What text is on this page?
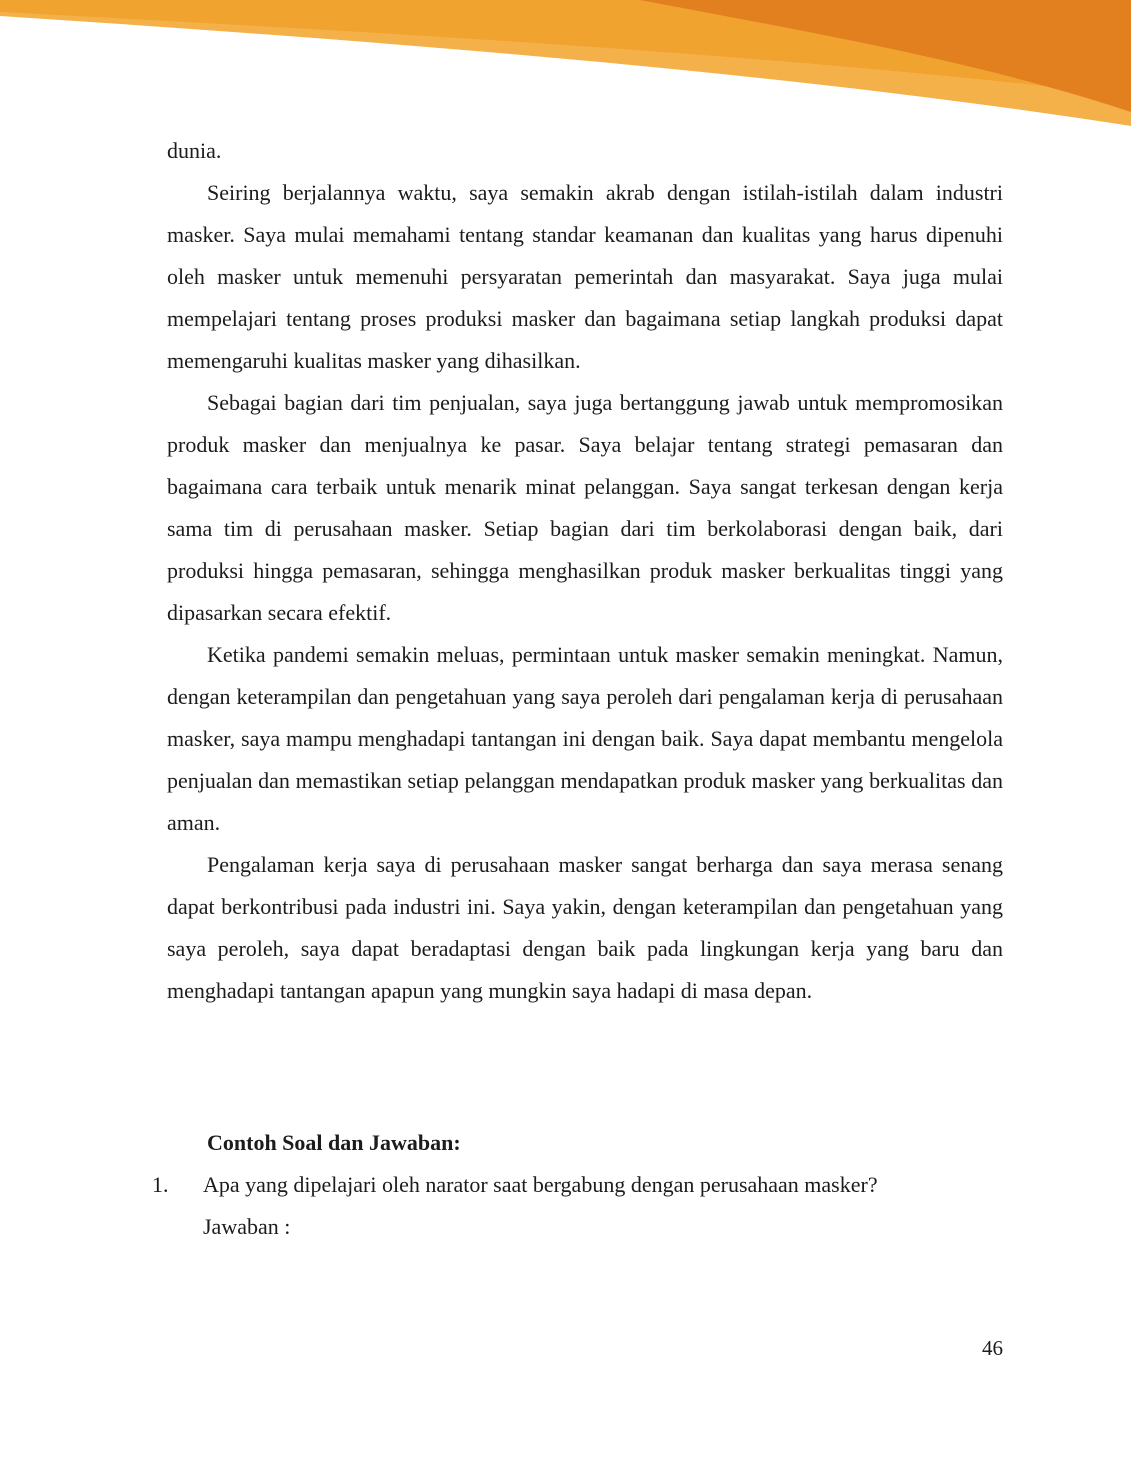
dunia.

Seiring berjalannya waktu, saya semakin akrab dengan istilah-istilah dalam industri masker. Saya mulai memahami tentang standar keamanan dan kualitas yang harus dipenuhi oleh masker untuk memenuhi persyaratan pemerintah dan masyarakat. Saya juga mulai mempelajari tentang proses produksi masker dan bagaimana setiap langkah produksi dapat memengaruhi kualitas masker yang dihasilkan.

Sebagai bagian dari tim penjualan, saya juga bertanggung jawab untuk mempromosikan produk masker dan menjualnya ke pasar. Saya belajar tentang strategi pemasaran dan bagaimana cara terbaik untuk menarik minat pelanggan. Saya sangat terkesan dengan kerja sama tim di perusahaan masker. Setiap bagian dari tim berkolaborasi dengan baik, dari produksi hingga pemasaran, sehingga menghasilkan produk masker berkualitas tinggi yang dipasarkan secara efektif.

Ketika pandemi semakin meluas, permintaan untuk masker semakin meningkat. Namun, dengan keterampilan dan pengetahuan yang saya peroleh dari pengalaman kerja di perusahaan masker, saya mampu menghadapi tantangan ini dengan baik. Saya dapat membantu mengelola penjualan dan memastikan setiap pelanggan mendapatkan produk masker yang berkualitas dan aman.

Pengalaman kerja saya di perusahaan masker sangat berharga dan saya merasa senang dapat berkontribusi pada industri ini. Saya yakin, dengan keterampilan dan pengetahuan yang saya peroleh, saya dapat beradaptasi dengan baik pada lingkungan kerja yang baru dan menghadapi tantangan apapun yang mungkin saya hadapi di masa depan.

Contoh Soal dan Jawaban:
1.	Apa yang dipelajari oleh narator saat bergabung dengan perusahaan masker?

Jawaban :

46
